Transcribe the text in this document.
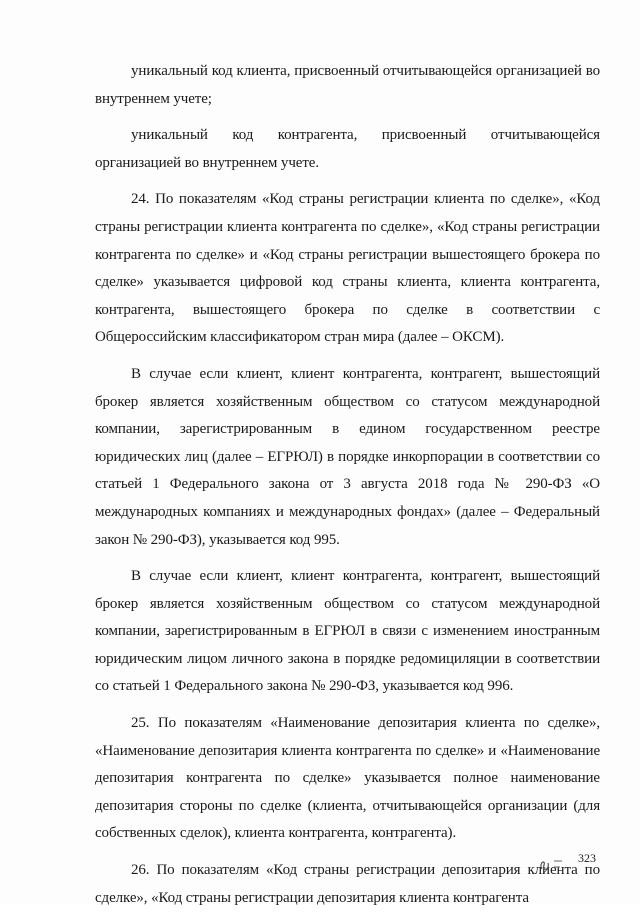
уникальный код клиента, присвоенный отчитывающейся организацией во внутреннем учете;

уникальный код контрагента, присвоенный отчитывающейся организацией во внутреннем учете.

24. По показателям «Код страны регистрации клиента по сделке», «Код страны регистрации клиента контрагента по сделке», «Код страны регистрации контрагента по сделке» и «Код страны регистрации вышестоящего брокера по сделке» указывается цифровой код страны клиента, клиента контрагента, контрагента, вышестоящего брокера по сделке в соответствии с Общероссийским классификатором стран мира (далее – ОКСМ).

В случае если клиент, клиент контрагента, контрагент, вышестоящий брокер является хозяйственным обществом со статусом международной компании, зарегистрированным в едином государственном реестре юридических лиц (далее – ЕГРЮЛ) в порядке инкорпорации в соответствии со статьей 1 Федерального закона от 3 августа 2018 года № 290-ФЗ «О международных компаниях и международных фондах» (далее – Федеральный закон № 290-ФЗ), указывается код 995.

В случае если клиент, клиент контрагента, контрагент, вышестоящий брокер является хозяйственным обществом со статусом международной компании, зарегистрированным в ЕГРЮЛ в связи с изменением иностранным юридическим лицом личного закона в порядке редомициляции в соответствии со статьей 1 Федерального закона № 290-ФЗ, указывается код 996.

25. По показателям «Наименование депозитария клиента по сделке», «Наименование депозитария клиента контрагента по сделке» и «Наименование депозитария контрагента по сделке» указывается полное наименование депозитария стороны по сделке (клиента, отчитывающейся организации (для собственных сделок), клиента контрагента, контрагента).

26. По показателям «Код страны регистрации депозитария клиента по сделке», «Код страны регистрации депозитария клиента контрагента

323
